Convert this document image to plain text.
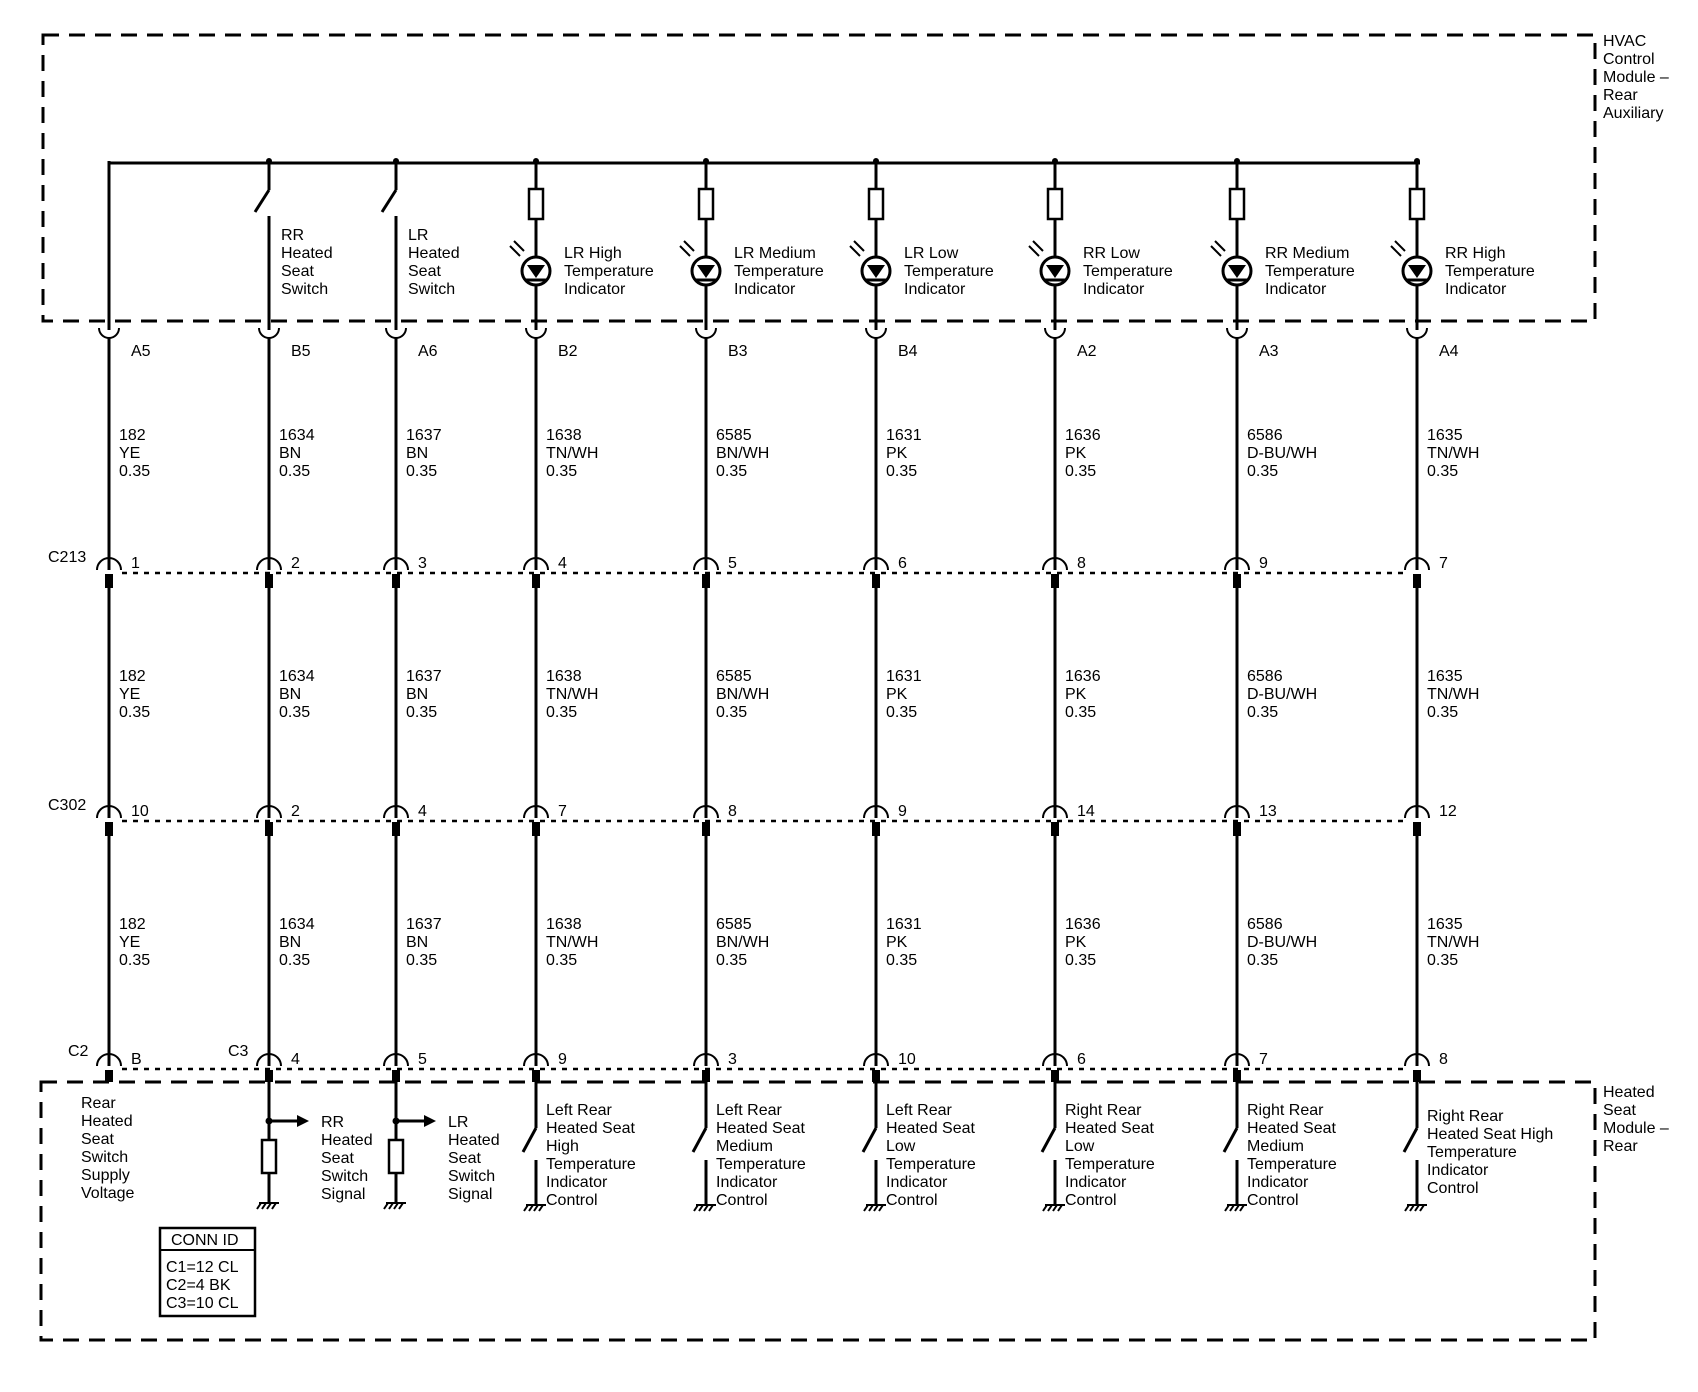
HVAC
Control
Module –
Rear
Auxiliary
Heated
Seat
Module –
Rear
C213
C302
C2	C3
A5
182
YE
0.35
182
YE
0.35
182
YE
0.35
1
10
B
Rear
Heated
Seat
Switch
Supply
Voltage
RR
Heated
Seat
Switch
B5
1634
BN
0.35
1634
BN
0.35
1634
BN
0.35
2
2
4
RR
Heated
Seat
Switch
Signal
LR
Heated
Seat
Switch
A6
1637
BN
0.35
1637
BN
0.35
1637
BN
0.35
3
4
5
LR
Heated
Seat
Switch
Signal
LR High
Temperature
Indicator
B2
1638
TN/WH
0.35
1638
TN/WH
0.35
1638
TN/WH
0.35
4
7
9
Left Rear
Heated Seat
High
Temperature
Indicator
Control
LR Medium
Temperature
Indicator
B3
6585
BN/WH
0.35
6585
BN/WH
0.35
6585
BN/WH
0.35
5
8
3
Left Rear
Heated Seat
Medium
Temperature
Indicator
Control
LR Low
Temperature
Indicator
B4
1631
PK
0.35
1631
PK
0.35
1631
PK
0.35
6
9
10
Left Rear
Heated Seat
Low
Temperature
Indicator
Control
RR Low
Temperature
Indicator
A2
1636
PK
0.35
1636
PK
0.35
1636
PK
0.35
8
14
6
Right Rear
Heated Seat
Low
Temperature
Indicator
Control
RR Medium
Temperature
Indicator
A3
6586
D-BU/WH
0.35
6586
D-BU/WH
0.35
6586
D-BU/WH
0.35
9
13
7
Right Rear
Heated Seat
Medium
Temperature
Indicator
Control
RR High
Temperature
Indicator
A4
1635
TN/WH
0.35
1635
TN/WH
0.35
1635
TN/WH
0.35
7
12
8
Right Rear
Heated Seat High
Temperature
Indicator
Control
CONN ID
C1=12 CL
C2=4 BK
C3=10 CL
